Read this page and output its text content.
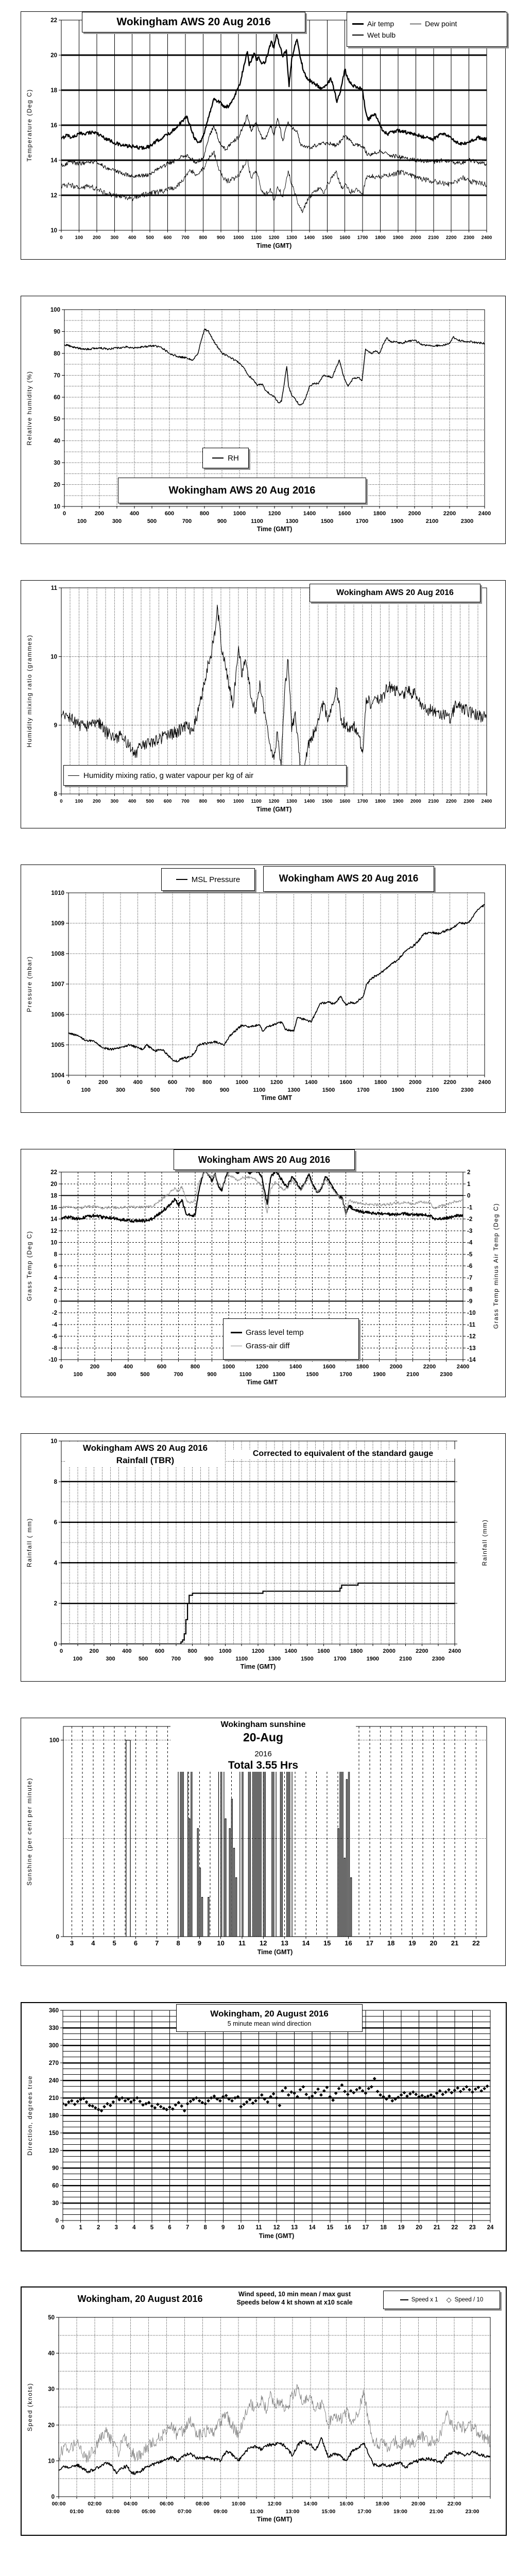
0	100 200 300 400 500 600 700 800 900 1000 1100 1200 1300 1400 1500 1600 1700 1800 1900 2000 2100 2200 2300 2400
Time (GMT)
10
12
14
16
18
20
22
Temperature (Deg C)
Wokingham AWS 20 Aug 2016	Air temp	Dew point
Wet bulb
0
100
200
300
400
500
600
700
800
900
1000
1100
1200
1300
1400
1500
1600
1700
1800
1900
2000
2100
2200
2300
2400
Time (GMT)
10
20
30
40
50
60
70
80
90
100
Relative humidity (%)
RH
Wokingham AWS 20 Aug 2016
0	100 200 300 400 500 600 700 800 900 1000 1100 1200 1300 1400 1500 1600 1700 1800 1900 2000 2100 2200 2300 2400
Time (GMT)
8
9
10
11
Humidity mixing ratio (grammes)
Wokingham AWS 20 Aug 2016
Humidity mixing ratio, g water vapour per kg of air
0
100
200
300
400
500
600
700
800
900
1000
1100
1200
1300
1400
1500
1600
1700
1800
1900
2000
2100
2200
2300
2400
Time GMT
1004
1005
1006
1007
1008
1009
1010
Pressure (mbar)
MSL Pressure	Wokingham AWS 20 Aug 2016
0
100
200
300
400
500
600
700
800
900
1000
1100
1200
1300
1400
1500
1600
1700
1800
1900
2000
2100
2200
2300
2400
Time GMT
-10
-8
-6
-4
-2
0
2
4
6
8
10
12
14
16
18
20
22
-14
-13
-12
-11
-10
-9
-8
-7
-6
-5
-4
-3
-2
-1
0
1
2
Grass Temp minus Air Temp (Deg C)
Grass Temp (Deg C)
Wokingham AWS 20 Aug 2016
Grass level temp
Grass-air diff
0
100
200
300
400
500
600
700
800
900
1000
1100
1200
1300
1400
1500
1600
1700
1800
1900
2000
2100
2200
2300
2400
Time (GMT)
0
2
4
6
8
10
Rainfall (mm)
Rainfall ( mm)
Wokingham AWS 20 Aug 2016
Rainfall (TBR)
Corrected to equivalent of the standard gauge
3	4	5	6	7	8	9 10 11 12 13 14 15 16 17 18 19 20 21 22
Time (GMT)
0
100
Sunshine (per cent per minute)
Wokingham sunshine
20-Aug
2016
Total 3.55 Hrs
0 1 2 3 4 5 6 7 8 9 10 11 12 13 14 15 16 17 18 19 20 21 22 23 24
Time (GMT)
0
30
60
90
120
150
180
210
240
270
300
330
360
Direction, degrees true
Wokingham, 20 August 2016
5 minute mean wind direction
00:00
01:00
02:00
03:00
04:00
05:00
06:00
07:00
08:00
09:00
10:00
11:00
12:00
13:00
14:00
15:00
16:00
17:00
18:00
19:00
20:00
21:00
22:00
23:00
Time (GMT)
0
10
20
30
40
50
Speed (knots)
Wokingham, 20 August 2016	Wind speed, 10 min mean / max gust
Speeds below 4 kt shown at x10 scale	Speed x 1 ◇ Speed / 10
